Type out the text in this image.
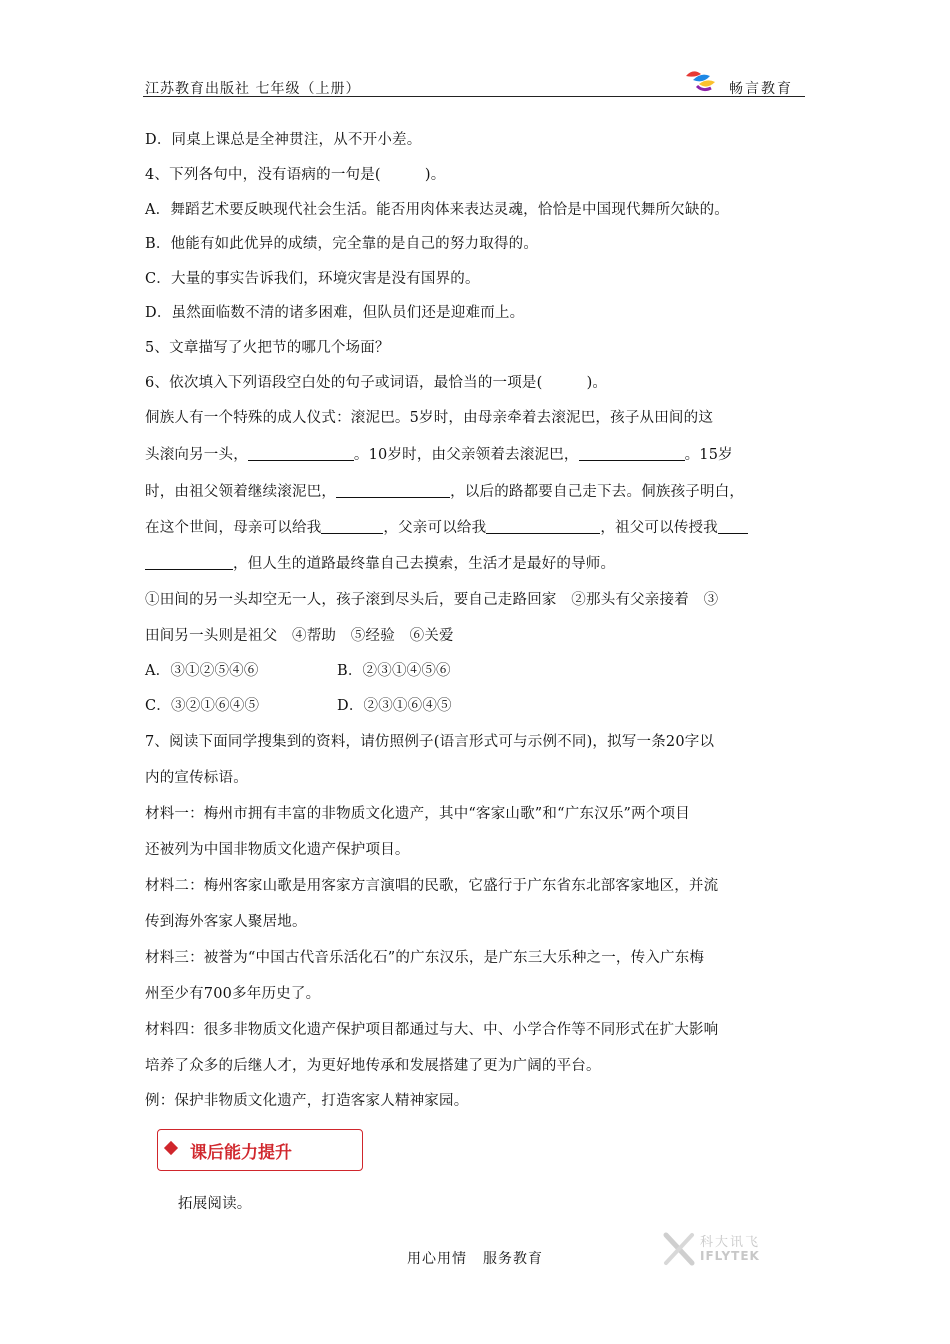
江苏教育出版社 七年级（上册）	畅言教育
D．同桌上课总是全神贯注，从不开小差。
4、下列各句中，没有语病的一句是(　　　)。
A．舞蹈艺术要反映现代社会生活。能否用肉体来表达灵魂，恰恰是中国现代舞所欠缺的。
B．他能有如此优异的成绩，完全靠的是自己的努力取得的。
C．大量的事实告诉我们，环境灾害是没有国界的。
D．虽然面临数不清的诸多困难，但队员们还是迎难而上。
5、文章描写了火把节的哪几个场面？
6、依次填入下列语段空白处的句子或词语，最恰当的一项是(　　　)。
侗族人有一个特殊的成人仪式：滚泥巴。5岁时，由母亲牵着去滚泥巴，孩子从田间的这
头滚向另一头，	。10岁时，由父亲领着去滚泥巴，	。15岁
时，由祖父领着继续滚泥巴，	，以后的路都要自己走下去。侗族孩子明白，
在这个世间，母亲可以给我	，父亲可以给我	，祖父可以传授我
，但人生的道路最终靠自己去摸索，生活才是最好的导师。
①田间的另一头却空无一人，孩子滚到尽头后，要自己走路回家　②那头有父亲接着　③
田间另一头则是祖父　④帮助　⑤经验　⑥关爱
A．③①②⑤④⑥	B．②③①④⑤⑥
C．③②①⑥④⑤	D．②③①⑥④⑤
7、阅读下面同学搜集到的资料，请仿照例子(语言形式可与示例不同)，拟写一条20字以
内的宣传标语。
材料一：梅州市拥有丰富的非物质文化遗产，其中“客家山歌”和“广东汉乐”两个项目
还被列为中国非物质文化遗产保护项目。
材料二：梅州客家山歌是用客家方言演唱的民歌，它盛行于广东省东北部客家地区，并流
传到海外客家人聚居地。
材料三：被誉为“中国古代音乐活化石”的广东汉乐，是广东三大乐种之一，传入广东梅
州至少有700多年历史了。
材料四：很多非物质文化遗产保护项目都通过与大、中、小学合作等不同形式在扩大影响
培养了众多的后继人才，为更好地传承和发展搭建了更为广阔的平台。
例：保护非物质文化遗产，打造客家人精神家园。
课后能力提升
拓展阅读。
用心用情 服务教育
科大讯飞
IFLYTEK
